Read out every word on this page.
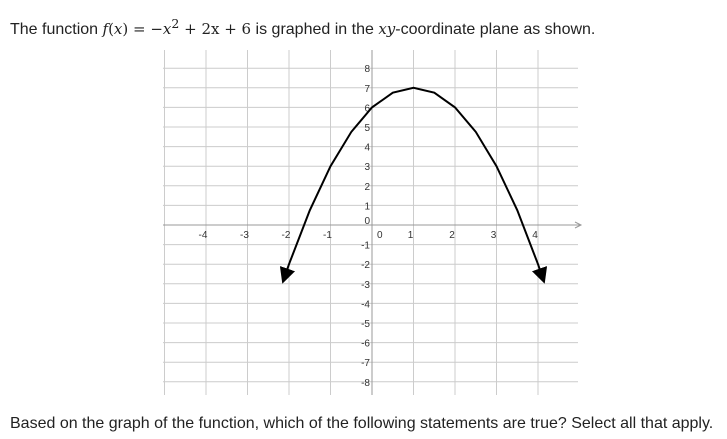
The function $f(x) = -x^2 + 2x + 6$ is graphed in the xy-coordinate plane as shown.
-4	-3	-2	-1	0	1	2	3	4
8
7
6
5
4
3
2
1
0
-1
-2
-3
-4
-5
-6
-7
-8
Based on the graph of the function, which of the following statements are true? Select all that apply.
